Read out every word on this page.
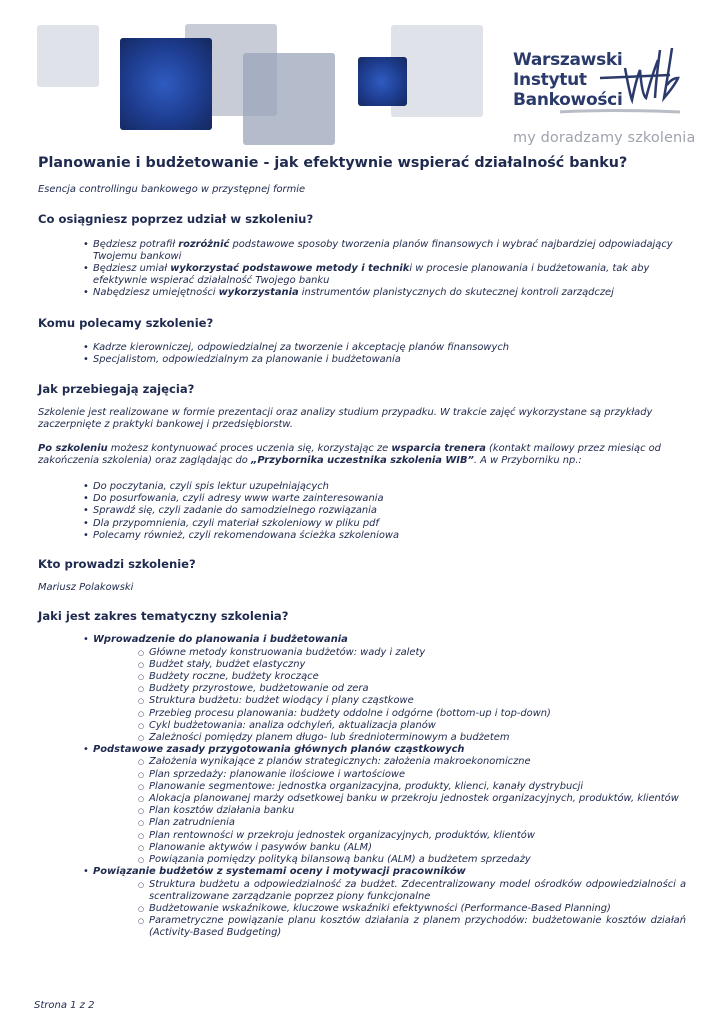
Warszawski
Instytut
Bankowości
my doradzamy szkolenia
Planowanie i budżetowanie - jak efektywnie wspierać działalność banku?

Esencja controllingu bankowego w przystępnej formie

Co osiągniesz poprzez udział w szkoleniu?
• Będziesz potrafił rozróżnić podstawowe sposoby tworzenia planów finansowych i wybrać najbardziej odpowiadający Twojemu bankowi
• Będziesz umiał wykorzystać podstawowe metody i techniki w procesie planowania i budżetowania, tak aby efektywnie wspierać działalność Twojego banku
• Nabędziesz umiejętności wykorzystania instrumentów planistycznych do skutecznej kontroli zarządczej
Komu polecamy szkolenie?
• Kadrze kierowniczej, odpowiedzialnej za tworzenie i akceptację planów finansowych
• Specjalistom, odpowiedzialnym za planowanie i budżetowania
Jak przebiegają zajęcia?

Szkolenie jest realizowane w formie prezentacji oraz analizy studium przypadku. W trakcie zajęć wykorzystane są przykłady zaczerpnięte z praktyki bankowej i przedsiębiorstw.

Po szkoleniu możesz kontynuować proces uczenia się, korzystając ze wsparcia trenera (kontakt mailowy przez miesiąc od zakończenia szkolenia) oraz zaglądając do „Przybornika uczestnika szkolenia WIB”. A w Przyborniku np.:

• Do poczytania, czyli spis lektur uzupełniających
• Do posurfowania, czyli adresy www warte zainteresowania
• Sprawdź się, czyli zadanie do samodzielnego rozwiązania
• Dla przypomnienia, czyli materiał szkoleniowy w pliku pdf
• Polecamy również, czyli rekomendowana ścieżka szkoleniowa
Kto prowadzi szkolenie?

Mariusz Polakowski

Jaki jest zakres tematyczny szkolenia?
• Wprowadzenie do planowania i budżetowania
○ Główne metody konstruowania budżetów: wady i zalety
○ Budżet stały, budżet elastyczny
○ Budżety roczne, budżety kroczące
○ Budżety przyrostowe, budżetowanie od zera
○ Struktura budżetu: budżet wiodący i plany cząstkowe
○ Przebieg procesu planowania: budżety oddolne i odgórne (bottom-up i top-down)
○ Cykl budżetowania: analiza odchyleń, aktualizacja planów
○ Zależności pomiędzy planem długo- lub średnioterminowym a budżetem
• Podstawowe zasady przygotowania głównych planów cząstkowych
○ Założenia wynikające z planów strategicznych: założenia makroekonomiczne
○ Plan sprzedaży: planowanie ilościowe i wartościowe
○ Planowanie segmentowe: jednostka organizacyjna, produkty, klienci, kanały dystrybucji
○ Alokacja planowanej marży odsetkowej banku w przekroju jednostek organizacyjnych, produktów, klientów
○ Plan kosztów działania banku
○ Plan zatrudnienia
○ Plan rentowności w przekroju jednostek organizacyjnych, produktów, klientów
○ Planowanie aktywów i pasywów banku (ALM)
○ Powiązania pomiędzy polityką bilansową banku (ALM) a budżetem sprzedaży
• Powiązanie budżetów z systemami oceny i motywacji pracowników
○ Struktura budżetu a odpowiedzialność za budżet. Zdecentralizowany model ośrodków odpowiedzialności a scentralizowane zarządzanie poprzez piony funkcjonalne
○ Budżetowanie wskaźnikowe, kluczowe wskaźniki efektywności (Performance-Based Planning)
○ Parametryczne powiązanie planu kosztów działania z planem przychodów: budżetowanie kosztów działań (Activity-Based Budgeting)
Strona 1 z 2
